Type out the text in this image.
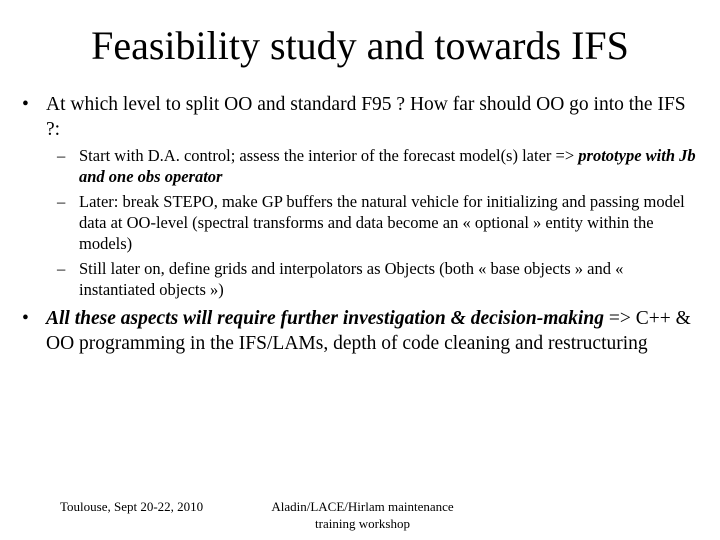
Feasibility study and towards IFS
• At which level to split OO and standard F95 ? How far should OO go into the IFS ?:
– Start with D.A. control; assess the interior of the forecast model(s) later => prototype with Jb and one obs operator
– Later: break STEPO, make GP buffers the natural vehicle for initializing and passing model data at OO-level (spectral transforms and data become an « optional » entity within the models)
– Still later on, define grids and interpolators as Objects (both « base objects » and « instantiated objects »)
• All these aspects will require further investigation & decision-making => C++ & OO programming in the IFS/LAMs, depth of code cleaning and restructuring
Toulouse, Sept 20-22, 2010	Aladin/LACE/Hirlam maintenance training workshop
